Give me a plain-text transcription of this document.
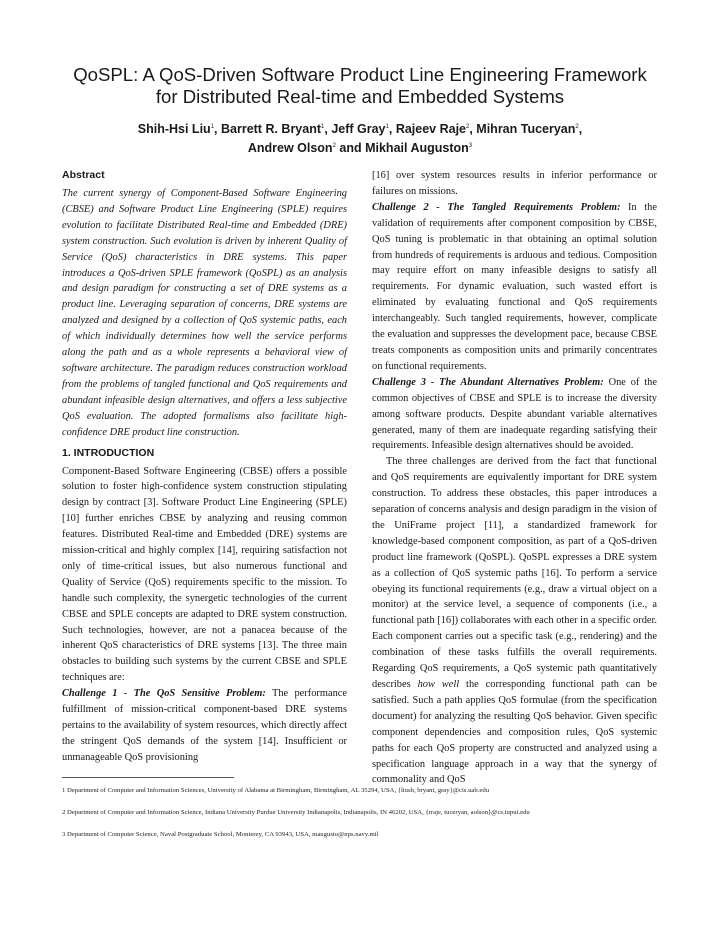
QoSPL: A QoS-Driven Software Product Line Engineering Framework
for Distributed Real-time and Embedded Systems
Shih-Hsi Liu$^1$, Barrett R. Bryant$^1$, Jeff Gray$^1$, Rajeev Raje$^2$, Mihran Tuceryan$^2$,
Andrew Olson$^2$ and Mikhail Auguston$^3$
Abstract

The current synergy of Component-Based Software Engineering (CBSE) and Software Product Line Engineering (SPLE) requires evolution to facilitate Distributed Real-time and Embedded (DRE) system construction. Such evolution is driven by inherent Quality of Service (QoS) characteristics in DRE systems. This paper introduces a QoS-driven SPLE framework (QoSPL) as an analysis and design paradigm for constructing a set of DRE systems as a product line. Leveraging separation of concerns, DRE systems are analyzed and designed by a collection of QoS systemic paths, each of which individually determines how well the service performs along the path and as a whole represents a behavioral view of software architecture. The paradigm reduces construction workload from the problems of tangled functional and QoS requirements and abundant infeasible design alternatives, and offers a less subjective QoS evaluation. The adopted formalisms also facilitate high-confidence DRE product line construction.

1. INTRODUCTION

Component-Based Software Engineering (CBSE) offers a possible solution to foster high-confidence system construction stipulating design by contract [3]. Software Product Line Engineering (SPLE) [10] further enriches CBSE by analyzing and reusing common features. Distributed Real-time and Embedded (DRE) systems are mission-critical and highly complex [14], requiring satisfaction not only of time-critical issues, but also numerous functional and Quality of Service (QoS) requirements specific to the mission. To handle such complexity, the synergetic technologies of the current CBSE and SPLE concepts are adapted to DRE system construction. Such technologies, however, are not a panacea because of the inherent QoS characteristics of DRE systems [13]. The three main obstacles to building such systems by the current CBSE and SPLE techniques are:

Challenge 1 - The QoS Sensitive Problem: The performance fulfillment of mission-critical component-based DRE systems pertains to the availability of system resources, which directly affect the stringent QoS demands of the system [14]. Insufficient or unmanageable QoS provisioning

[16] over system resources results in inferior performance or failures on missions.

Challenge 2 - The Tangled Requirements Problem: In the validation of requirements after component composition by CBSE, QoS tuning is problematic in that obtaining an optimal solution from hundreds of requirements is arduous and tedious. Composition may require effort on many infeasible designs to satisfy all requirements. For dynamic evaluation, such wasted effort is eliminated by evaluating functional and QoS requirements interchangeably. Such tangled requirements, however, complicate the evaluation and suppresses the development pace, because CBSE treats components as composition units and primarily concentrates on functional requirements.

Challenge 3 - The Abundant Alternatives Problem: One of the common objectives of CBSE and SPLE is to increase the diversity among software products. Despite abundant variable alternatives generated, many of them are inadequate regarding satisfying their requirements. Infeasible design alternatives should be avoided.

The three challenges are derived from the fact that functional and QoS requirements are equivalently important for DRE system construction. To address these obstacles, this paper introduces a separation of concerns analysis and design paradigm in the vision of the UniFrame project [11], a standardized framework for knowledge-based component composition, as part of a QoS-driven product line framework (QoSPL). QoSPL expresses a DRE system as a collection of QoS systemic paths [16]. To perform a service obeying its functional requirements (e.g., draw a virtual object on a monitor) at the service level, a sequence of components (i.e., a functional path [16]) collaborates with each other in a specific order. Each component carries out a specific task (e.g., rendering) and the combination of these tasks fulfills the overall requirements. Regarding QoS requirements, a QoS systemic path quantitatively describes how well the corresponding functional path can be satisfied. Such a path applies QoS formulae (from the specification document) for analyzing the resulting QoS behavior. Given specific component dependencies and composition rules, QoS systemic paths for each QoS property are constructed and analyzed using a specification language approach in a way that the synergy of commonality and QoS

1 Department of Computer and Information Sciences, University of Alabama at Birmingham, Birmingham, AL 35294, USA, {liush, bryant, gray}@cis.uab.edu
2 Department of Computer and Information Science, Indiana University Purdue University Indianapolis, Indianapolis, IN 46202, USA, {rraje, tuceryan, aolson}@cs.iupui.edu
3 Department of Computer Science, Naval Postgraduate School, Monterey, CA 93943, USA, maugusto@nps.navy.mil
